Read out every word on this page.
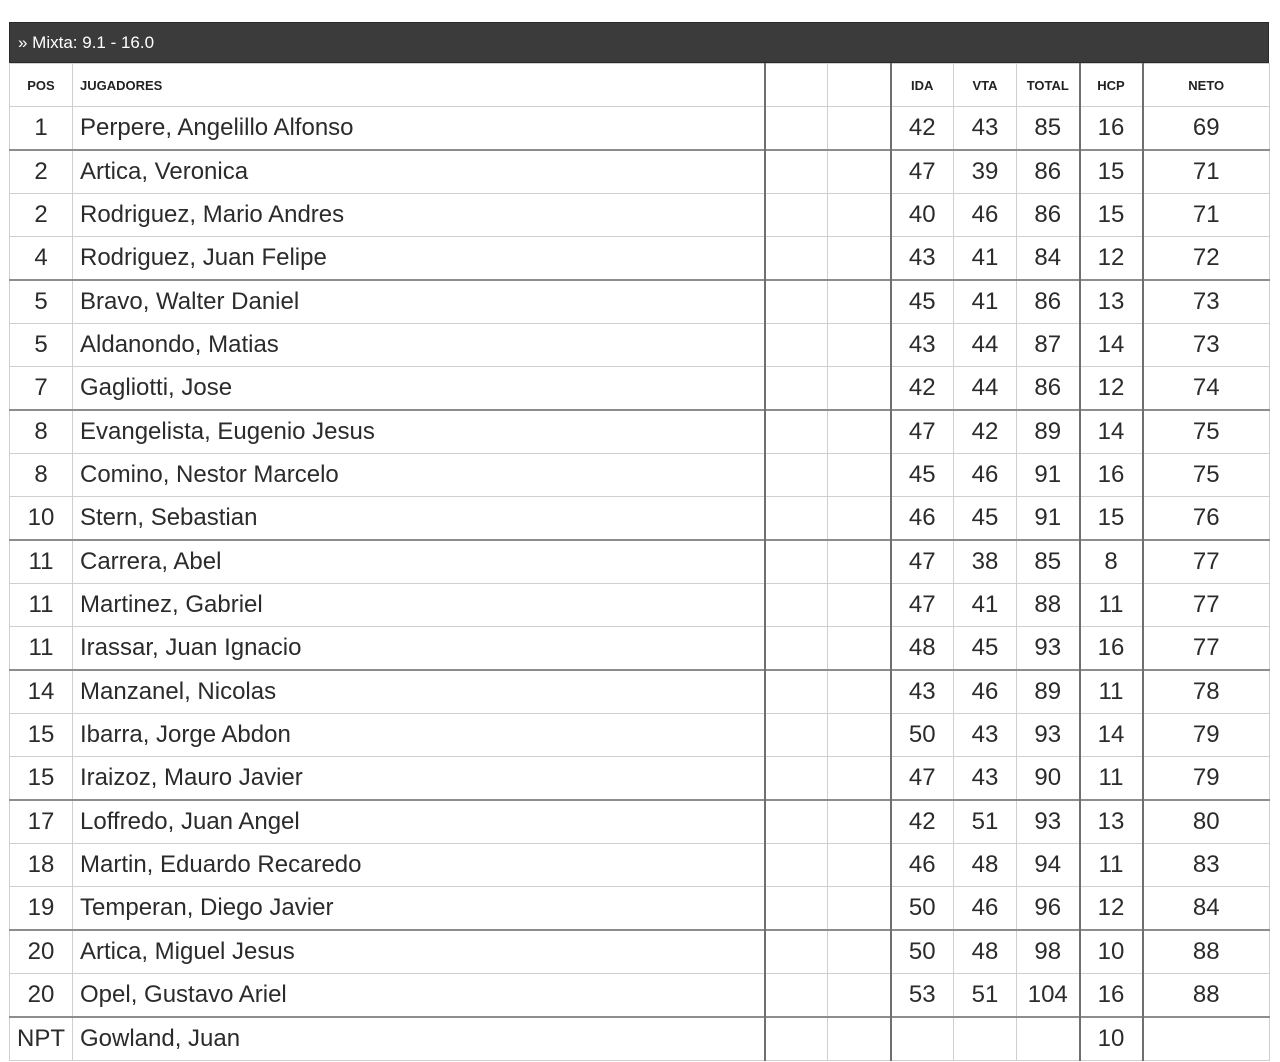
» Mixta: 9.1 - 16.0
POS	JUGADORES			IDA	VTA	TOTAL	HCP	NETO
1	Perpere, Angelillo Alfonso			42	43	85	16	69
2	Artica, Veronica			47	39	86	15	71
2	Rodriguez, Mario Andres			40	46	86	15	71
4	Rodriguez, Juan Felipe			43	41	84	12	72
5	Bravo, Walter Daniel			45	41	86	13	73
5	Aldanondo, Matias			43	44	87	14	73
7	Gagliotti, Jose			42	44	86	12	74
8	Evangelista, Eugenio Jesus			47	42	89	14	75
8	Comino, Nestor Marcelo			45	46	91	16	75
10	Stern, Sebastian			46	45	91	15	76
11	Carrera, Abel			47	38	85	8	77
11	Martinez, Gabriel			47	41	88	11	77
11	Irassar, Juan Ignacio			48	45	93	16	77
14	Manzanel, Nicolas			43	46	89	11	78
15	Ibarra, Jorge Abdon			50	43	93	14	79
15	Iraizoz, Mauro Javier			47	43	90	11	79
17	Loffredo, Juan Angel			42	51	93	13	80
18	Martin, Eduardo Recaredo			46	48	94	11	83
19	Temperan, Diego Javier			50	46	96	12	84
20	Artica, Miguel Jesus			50	48	98	10	88
20	Opel, Gustavo Ariel			53	51	104	16	88
NPT	Gowland, Juan						10	
